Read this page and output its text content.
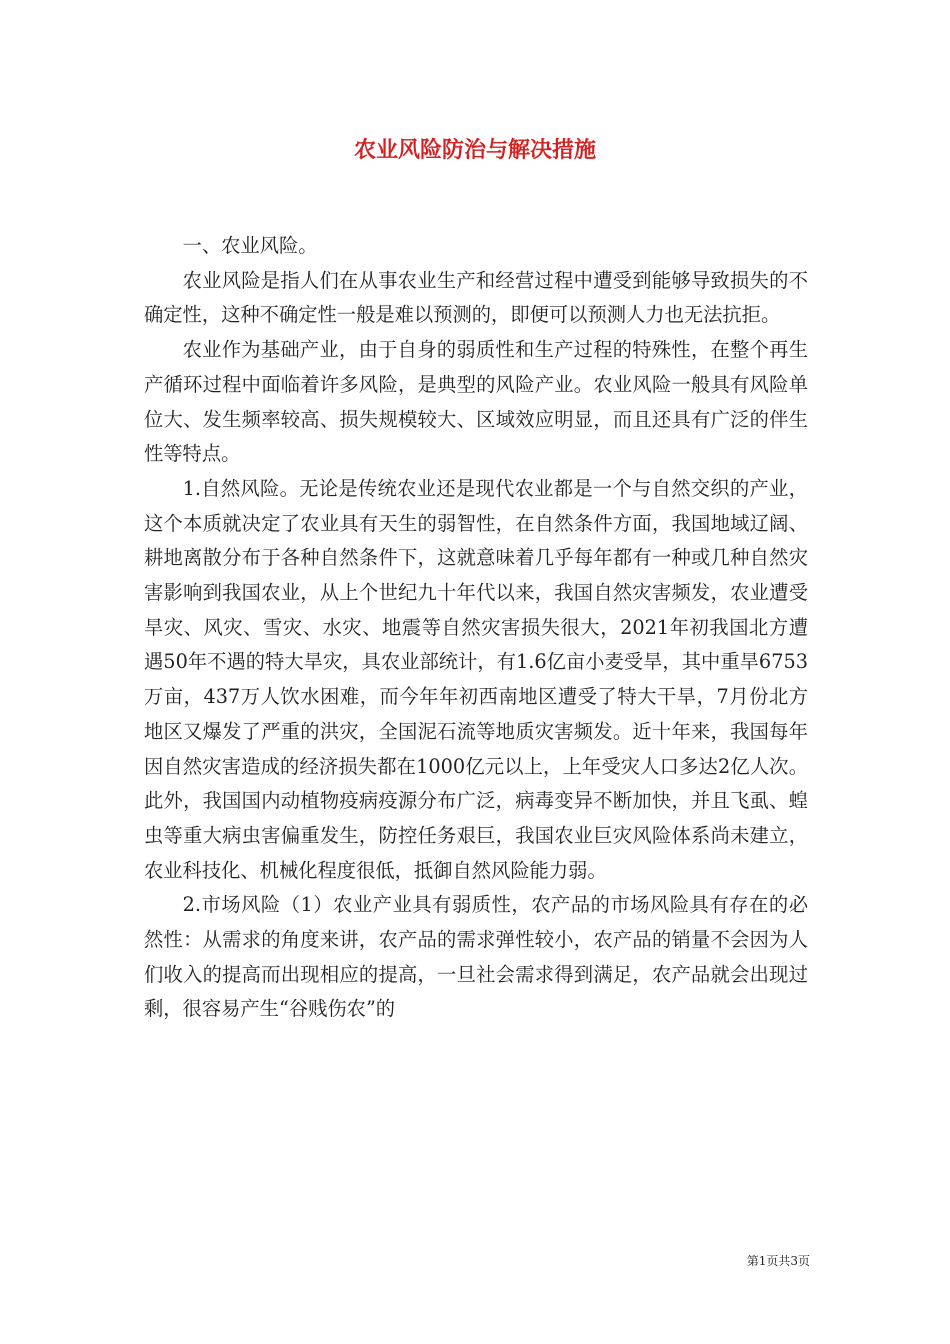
农业风险防治与解决措施

一、农业风险。

农业风险是指人们在从事农业生产和经营过程中遭受到能够导致损失的不确定性，这种不确定性一般是难以预测的，即便可以预测人力也无法抗拒。

农业作为基础产业，由于自身的弱质性和生产过程的特殊性，在整个再生产循环过程中面临着许多风险，是典型的风险产业。农业风险一般具有风险单位大、发生频率较高、损失规模较大、区域效应明显，而且还具有广泛的伴生性等特点。

1.自然风险。无论是传统农业还是现代农业都是一个与自然交织的产业，这个本质就决定了农业具有天生的弱智性，在自然条件方面，我国地域辽阔、耕地离散分布于各种自然条件下，这就意味着几乎每年都有一种或几种自然灾害影响到我国农业，从上个世纪九十年代以来，我国自然灾害频发，农业遭受旱灾、风灾、雪灾、水灾、地震等自然灾害损失很大，2021年初我国北方遭遇50年不遇的特大旱灾，具农业部统计，有1.6亿亩小麦受旱，其中重旱6753万亩，437万人饮水困难，而今年年初西南地区遭受了特大干旱，7月份北方地区又爆发了严重的洪灾，全国泥石流等地质灾害频发。近十年来，我国每年因自然灾害造成的经济损失都在1000亿元以上，上年受灾人口多达2亿人次。此外，我国国内动植物疫病疫源分布广泛，病毒变异不断加快，并且飞虱、蝗虫等重大病虫害偏重发生，防控任务艰巨，我国农业巨灾风险体系尚未建立，农业科技化、机械化程度很低，抵御自然风险能力弱。

2.市场风险（1）农业产业具有弱质性，农产品的市场风险具有存在的必然性：从需求的角度来讲，农产品的需求弹性较小，农产品的销量不会因为人们收入的提高而出现相应的提高，一旦社会需求得到满足，农产品就会出现过剩，很容易产生“谷贱伤农”的

第1页共3页
